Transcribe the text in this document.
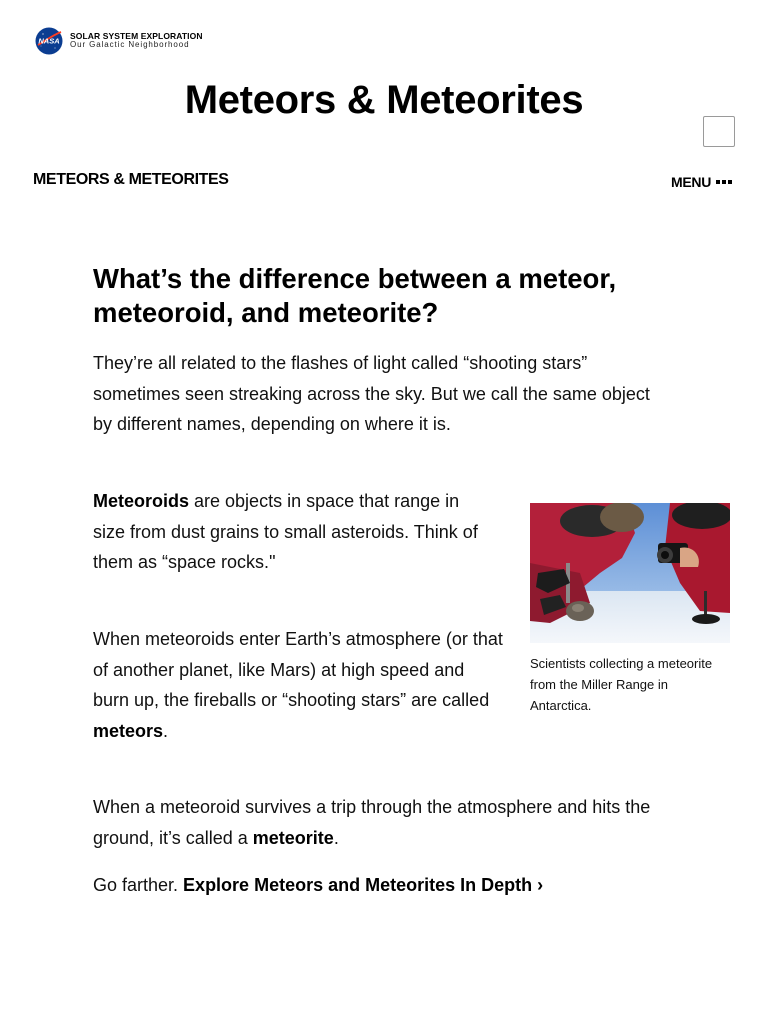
NASA
SOLAR SYSTEM EXPLORATION
Our Galactic Neighborhood
Meteors & Meteorites
METEORS & METEORITES	MENU
What’s the difference between a meteor, meteoroid, and meteorite?

They’re all related to the flashes of light called “shooting stars” sometimes seen streaking across the sky. But we call the same object by different names, depending on where it is.

Meteoroids are objects in space that range in size from dust grains to small asteroids. Think of them as “space rocks."

When meteoroids enter Earth’s atmosphere (or that of another planet, like Mars) at high speed and burn up, the fireballs or “shooting stars” are called meteors.

When a meteoroid survives a trip through the atmosphere and hits the ground, it’s called a meteorite.

Go farther. Explore Meteors and Meteorites In Depth ›

Scientists collecting a meteorite from the Miller Range in Antarctica.
